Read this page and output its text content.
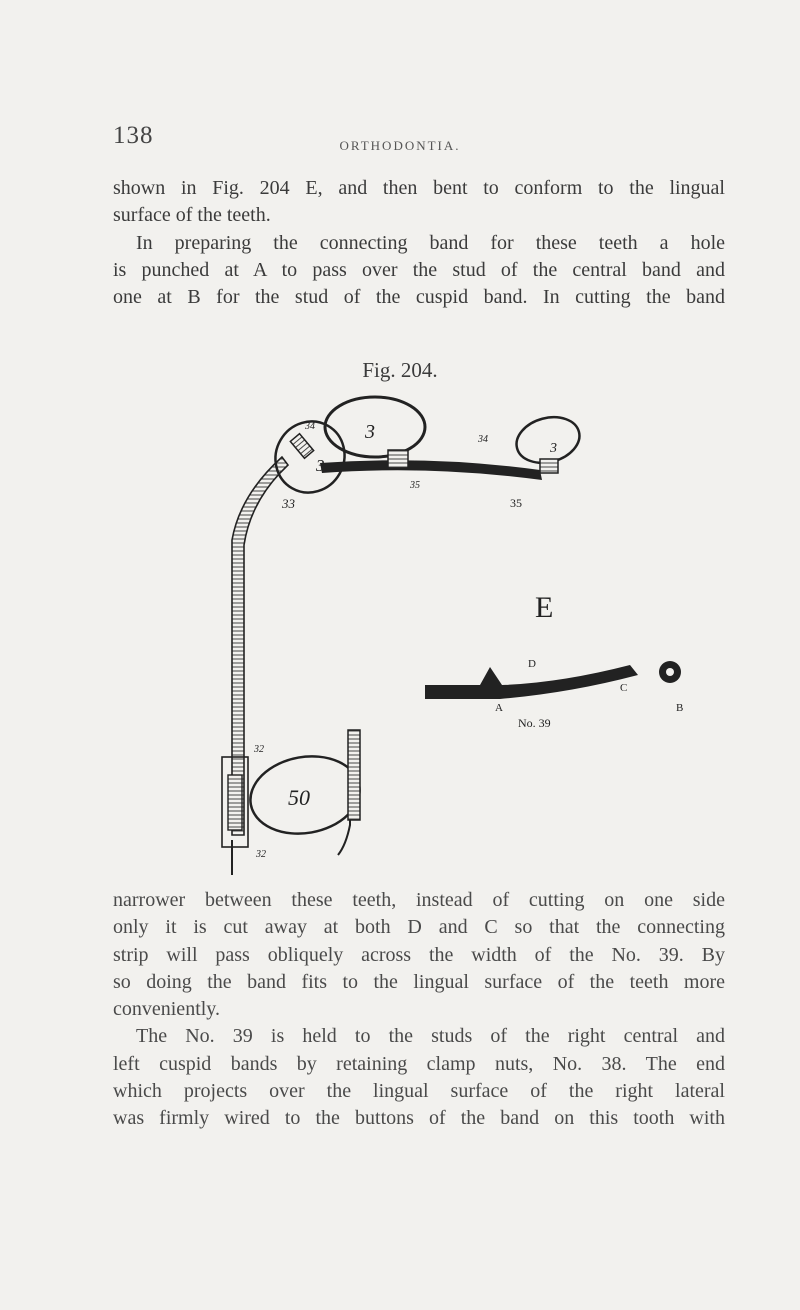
138	ORTHODONTIA.
shown in Fig. 204 E, and then bent to conform to the lingual
surface of the teeth.
In preparing the connecting band for these teeth a hole
is punched at A to pass over the stud of the central band and
one at B for the stud of the cuspid band. In cutting the band
Fig. 204.
E
D
C
A	B
No. 39
50
3
3
3
34
34
35
35
33
32
32
narrower between these teeth, instead of cutting on one side
only it is cut away at both D and C so that the connecting
strip will pass obliquely across the width of the No. 39. By
so doing the band fits to the lingual surface of the teeth more
conveniently.
The No. 39 is held to the studs of the right central and
left cuspid bands by retaining clamp nuts, No. 38. The end
which projects over the lingual surface of the right lateral
was firmly wired to the buttons of the band on this tooth with
